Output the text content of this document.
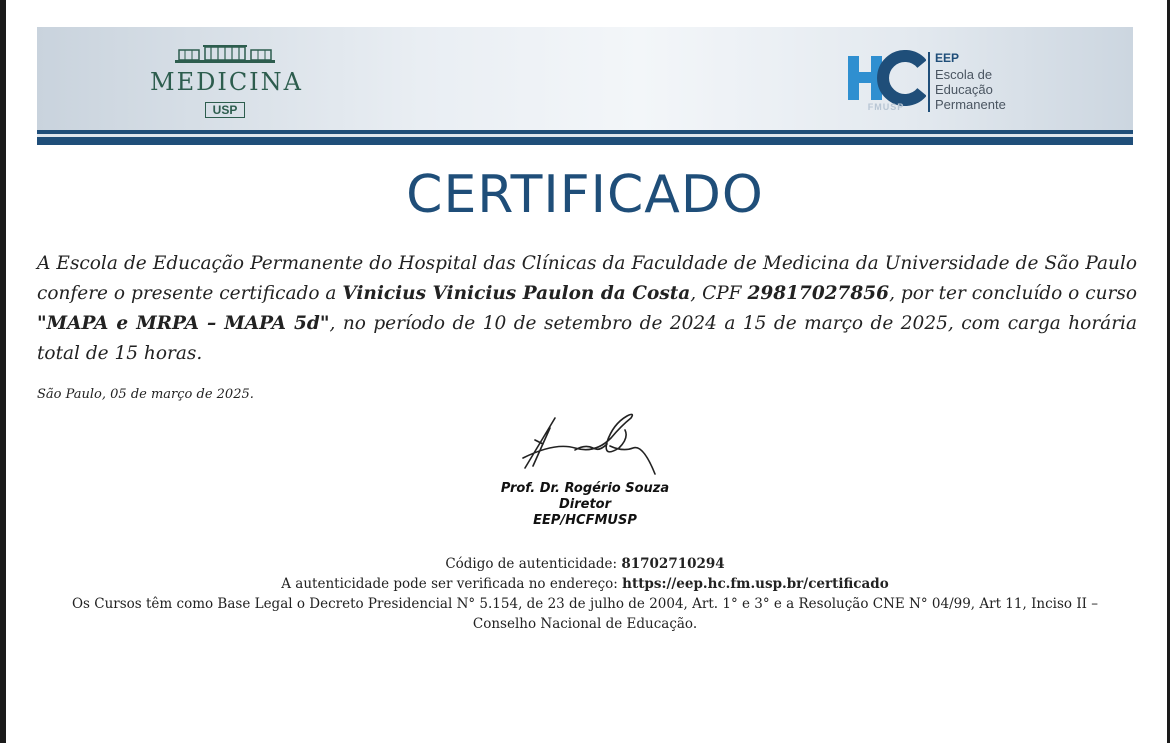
MEDICINA
USP	FMUSP
EEP
Escola de
Educação
Permanente
CERTIFICADO
A Escola de Educação Permanente do Hospital das Clínicas da Faculdade de Medicina da Universidade de São Paulo confere o presente certificado a Vinicius Vinicius Paulon da Costa, CPF 29817027856, por ter concluído o curso "MAPA e MRPA – MAPA 5d", no período de 10 de setembro de 2024 a 15 de março de 2025, com carga horária total de 15 horas.
São Paulo, 05 de março de 2025.
Prof. Dr. Rogério Souza
Diretor
EEP/HCFMUSP
Código de autenticidade: 81702710294
A autenticidade pode ser verificada no endereço: https://eep.hc.fm.usp.br/certificado
Os Cursos têm como Base Legal o Decreto Presidencial N° 5.154, de 23 de julho de 2004, Art. 1° e 3° e a Resolução CNE N° 04/99, Art 11, Inciso II – Conselho Nacional de Educação.
